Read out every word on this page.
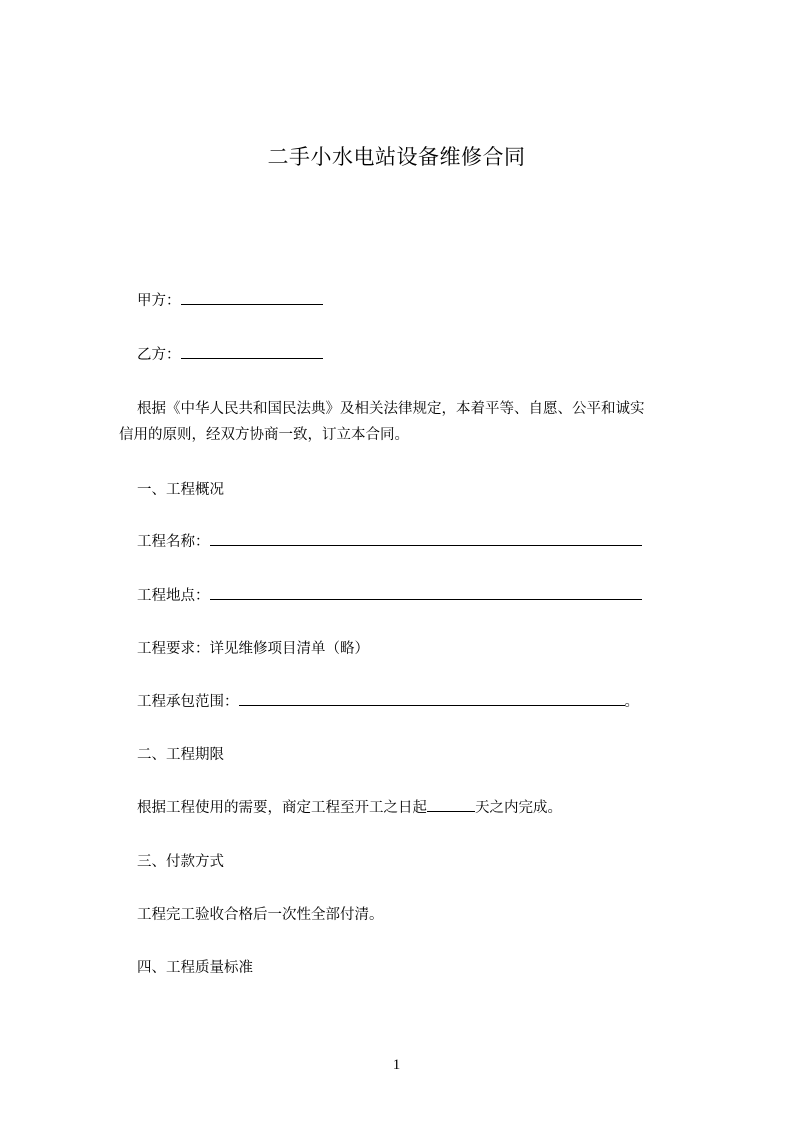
二手小水电站设备维修合同
甲方：
乙方：
根据《中华人民共和国民法典》及相关法律规定，本着平等、自愿、公平和诚实
信用的原则，经双方协商一致，订立本合同。
一、工程概况
工程名称：
工程地点：
工程要求：详见维修项目清单（略）
工程承包范围：	。
二、工程期限
根据工程使用的需要，商定工程至开工之日起	天之内完成。
三、付款方式
工程完工验收合格后一次性全部付清。
四、工程质量标准
1
